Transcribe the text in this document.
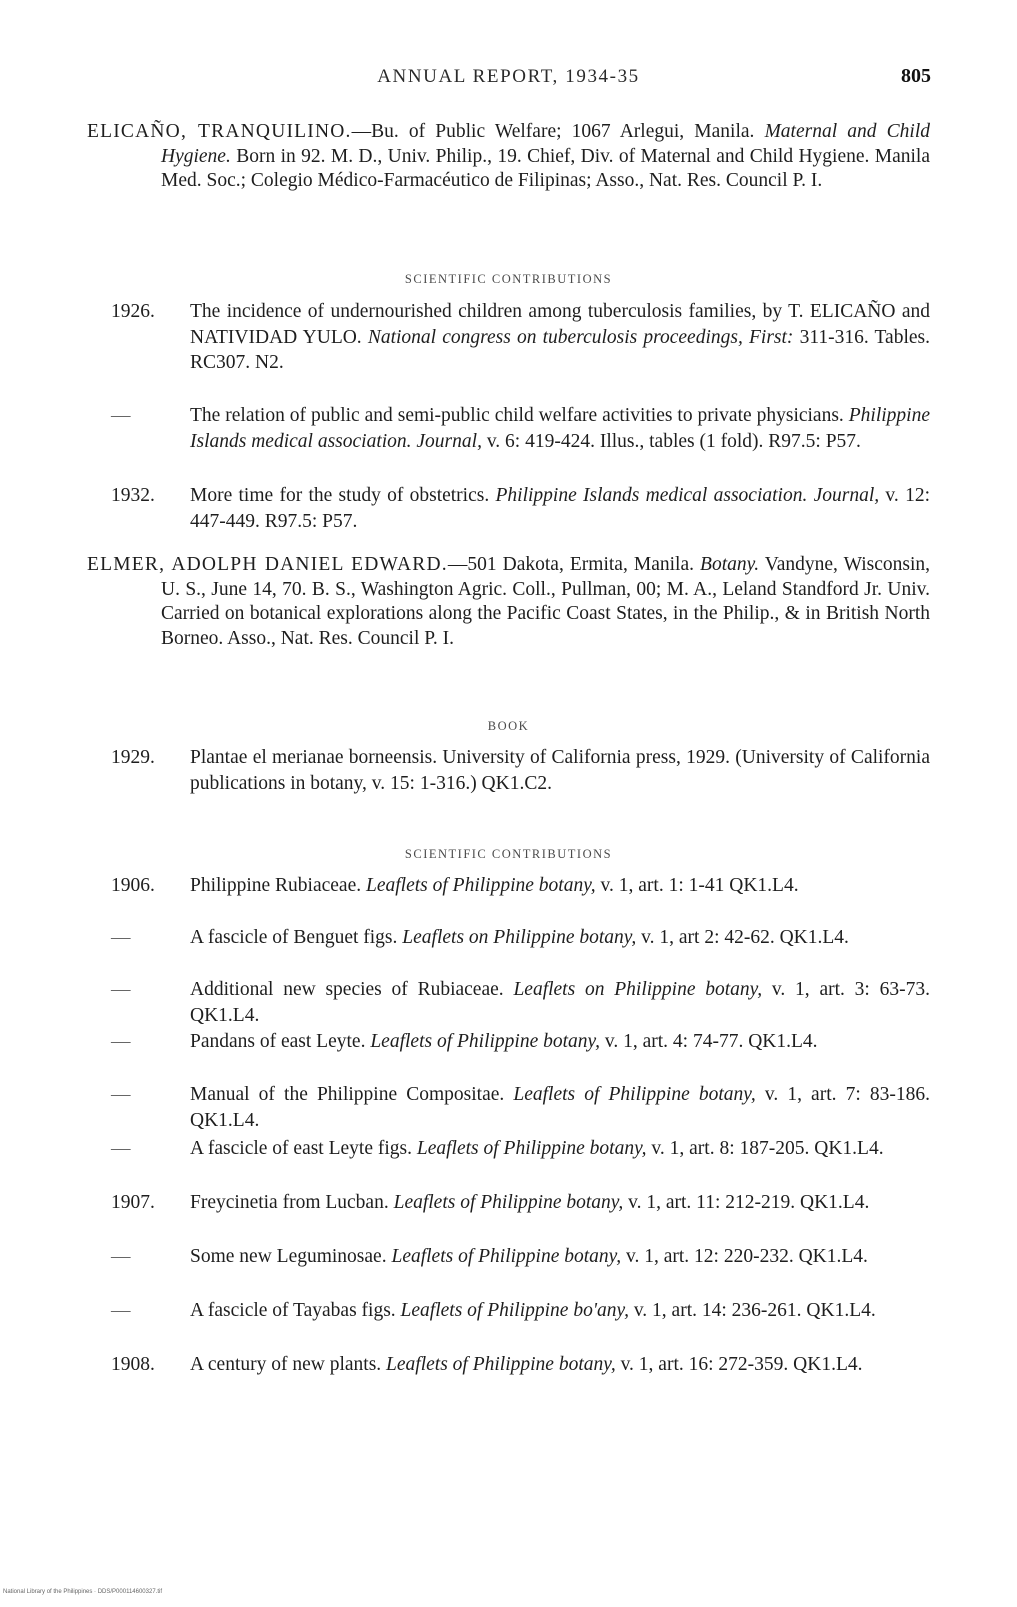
ANNUAL REPORT, 1934-35	805
ELICAÑO, TRANQUILINO.—Bu. of Public Welfare; 1067 Arlegui, Manila. Maternal and Child Hygiene. Born in 92. M. D., Univ. Philip., 19. Chief, Div. of Maternal and Child Hygiene. Manila Med. Soc.; Colegio Médico-Farmacéutico de Filipinas; Asso., Nat. Res. Council P. I.
SCIENTIFIC CONTRIBUTIONS
1926.	The incidence of undernourished children among tuberculosis families, by T. ELICAÑO and NATIVIDAD YULO. National congress on tuberculosis proceedings, First: 311-316. Tables. RC307. N2.
—	The relation of public and semi-public child welfare activities to private physicians. Philippine Islands medical association. Journal, v. 6: 419-424. Illus., tables (1 fold). R97.5: P57.
1932.	More time for the study of obstetrics. Philippine Islands medical association. Journal, v. 12: 447-449. R97.5: P57.
ELMER, ADOLPH DANIEL EDWARD.—501 Dakota, Ermita, Manila. Botany. Vandyne, Wisconsin, U. S., June 14, 70. B. S., Washington Agric. Coll., Pullman, 00; M. A., Leland Standford Jr. Univ. Carried on botanical explorations along the Pacific Coast States, in the Philip., & in British North Borneo. Asso., Nat. Res. Council P. I.
BOOK
1929.	Plantae el merianae borneensis. University of California press, 1929. (University of California publications in botany, v. 15: 1-316.) QK1.C2.
SCIENTIFIC CONTRIBUTIONS
1906.	Philippine Rubiaceae. Leaflets of Philippine botany, v. 1, art. 1: 1-41 QK1.L4.
—	A fascicle of Benguet figs. Leaflets on Philippine botany, v. 1, art 2: 42-62. QK1.L4.
—	Additional new species of Rubiaceae. Leaflets on Philippine botany, v. 1, art. 3: 63-73. QK1.L4.
—	Pandans of east Leyte. Leaflets of Philippine botany, v. 1, art. 4: 74-77. QK1.L4.
—	Manual of the Philippine Compositae. Leaflets of Philippine botany, v. 1, art. 7: 83-186. QK1.L4.
—	A fascicle of east Leyte figs. Leaflets of Philippine botany, v. 1, art. 8: 187-205. QK1.L4.
1907.	Freycinetia from Lucban. Leaflets of Philippine botany, v. 1, art. 11: 212-219. QK1.L4.
—	Some new Leguminosae. Leaflets of Philippine botany, v. 1, art. 12: 220-232. QK1.L4.
—	A fascicle of Tayabas figs. Leaflets of Philippine bo'any, v. 1, art. 14: 236-261. QK1.L4.
1908.	A century of new plants. Leaflets of Philippine botany, v. 1, art. 16: 272-359. QK1.L4.
National Library of the Philippines · DDS/P000114600327.tif
